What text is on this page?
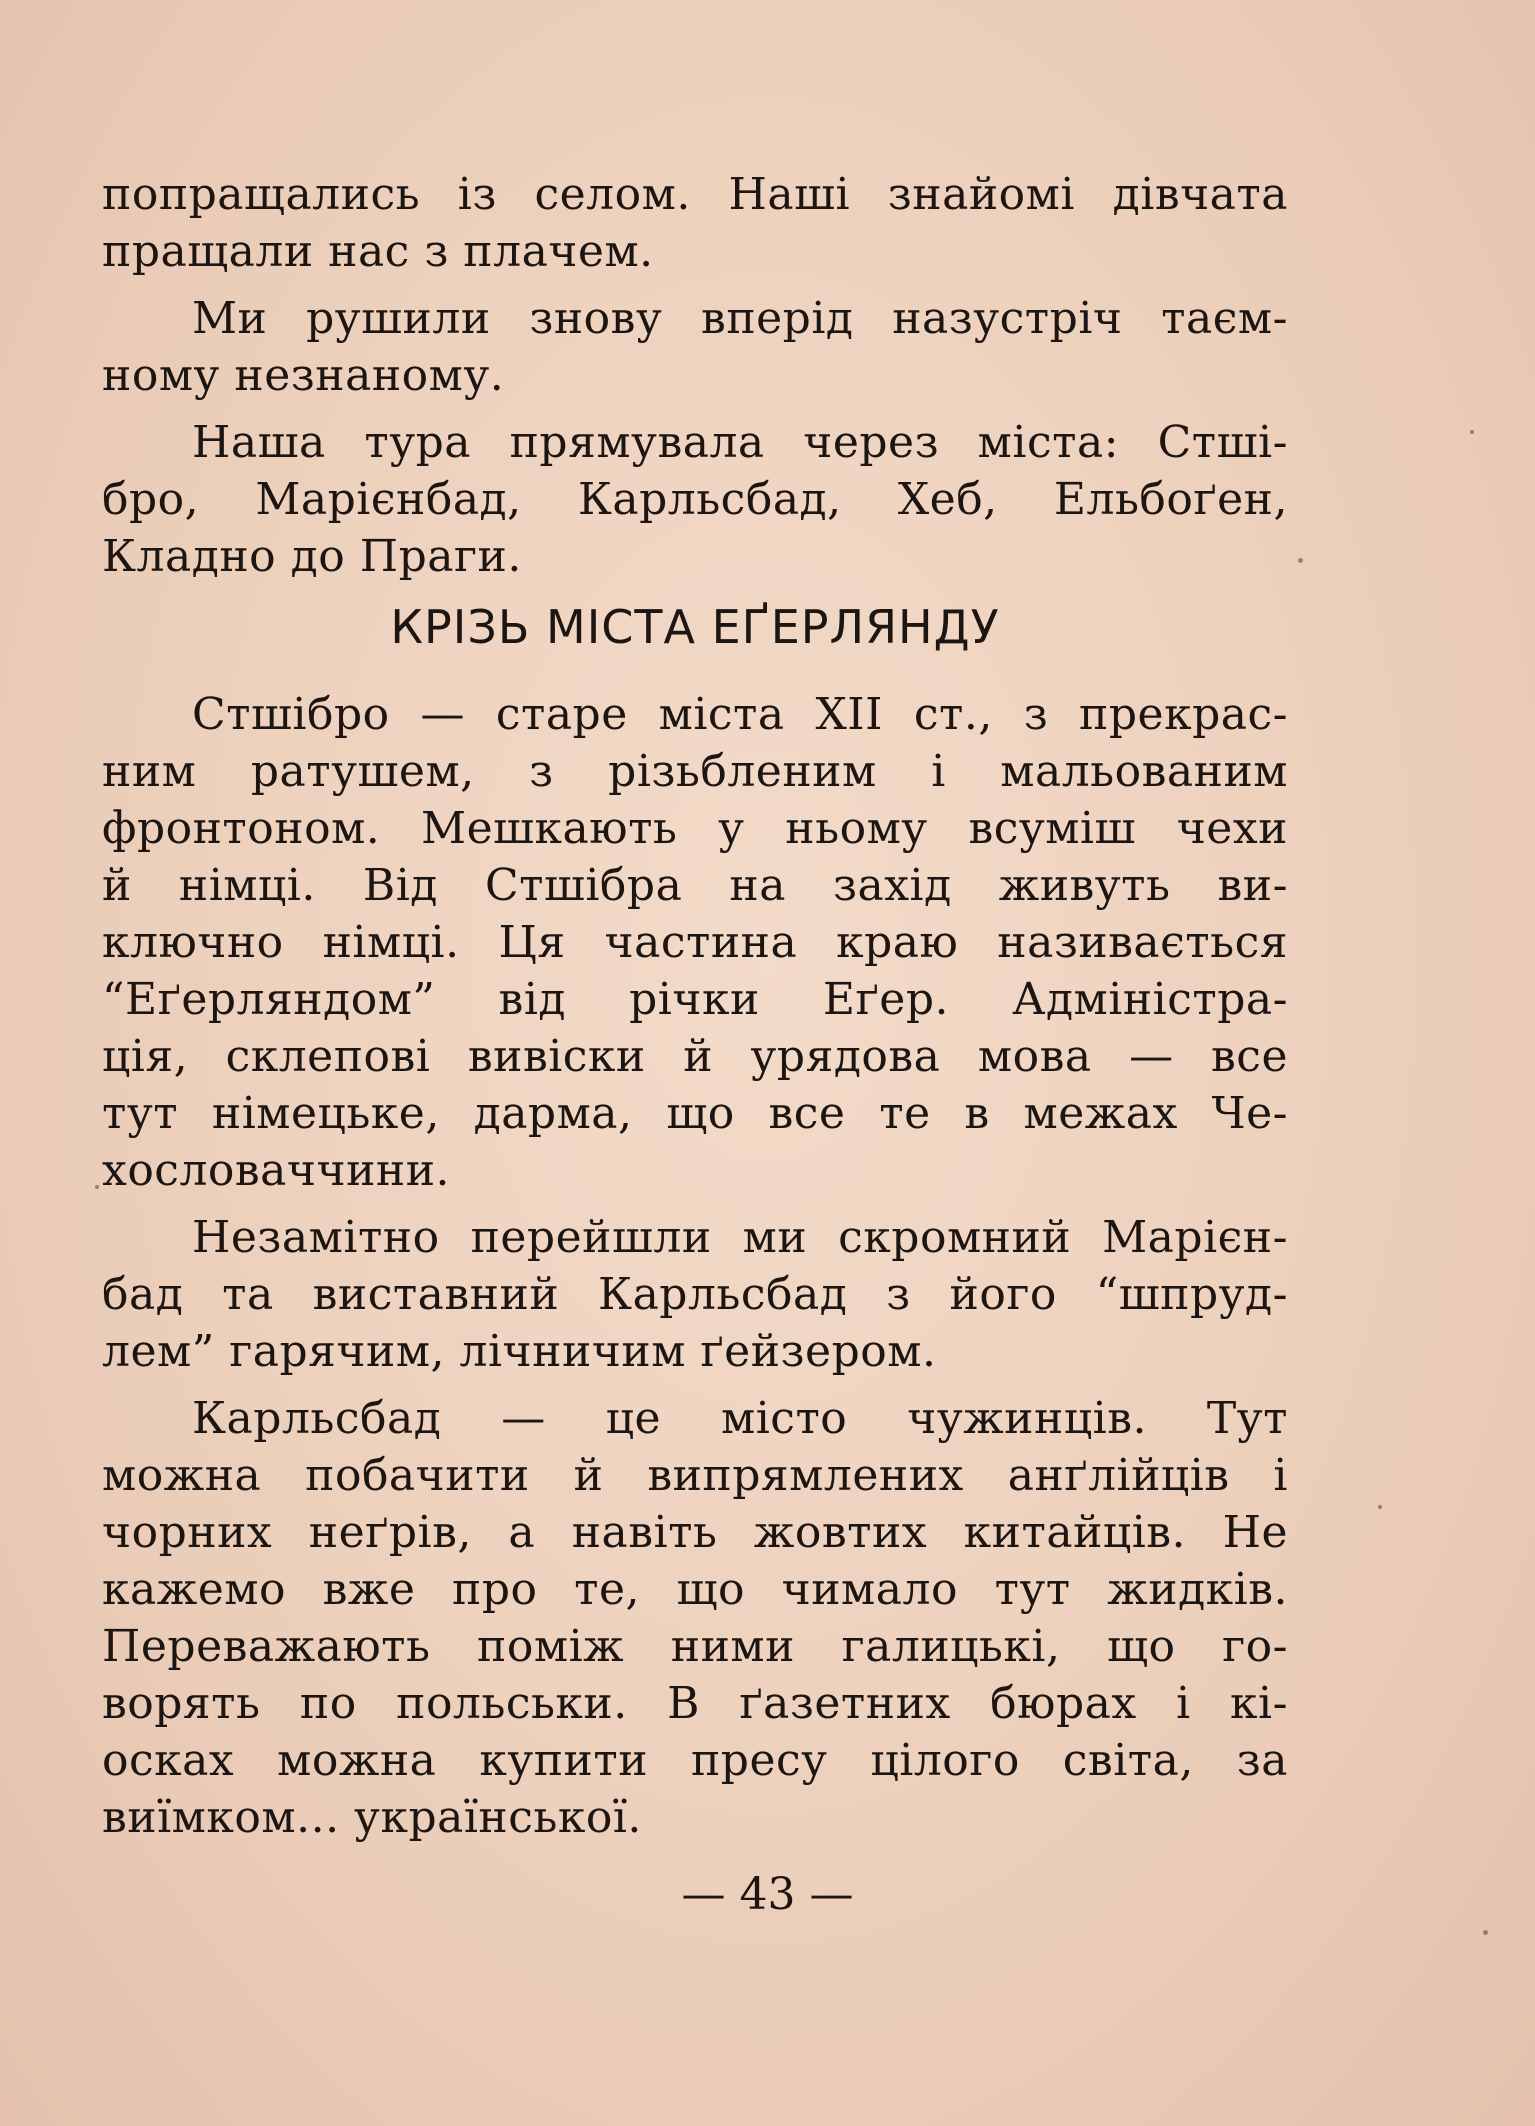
попращались із селом. Наші знайомі дівчата
пращали нас з плачем.
Ми рушили знову вперід назустріч таєм-
ному незнаному.
Наша тура прямувала через міста: Стші-
бро, Марієнбад, Карльсбад, Хеб, Ельбоґен,
Кладно до Праги.
КРІЗЬ МІСТА ЕҐЕРЛЯНДУ
Стшібро — старе міста XII ст., з прекрас-
ним ратушем, з різьбленим і мальованим
фронтоном. Мешкають у ньому всуміш чехи
й німці. Від Стшібра на захід живуть ви-
ключно німці. Ця частина краю називається
“Еґерляндом” від річки Еґер. Адміністра-
ція, склепові вивіски й урядова мова — все
тут німецьке, дарма, що все те в межах Че-
хословаччини.
Незамітно перейшли ми скромний Марієн-
бад та виставний Карльсбад з його “шпруд-
лем” гарячим, лічничим ґейзером.
Карльсбад — це місто чужинців. Тут
можна побачити й випрямлених анґлійців і
чорних неґрів, а навіть жовтих китайців. Не
кажемо вже про те, що чимало тут жидків.
Переважають поміж ними галицькі, що го-
ворять по польськи. В ґазетних бюрах і кі-
осках можна купити пресу цілого світа, за
виїмком... української.
— 43 —
